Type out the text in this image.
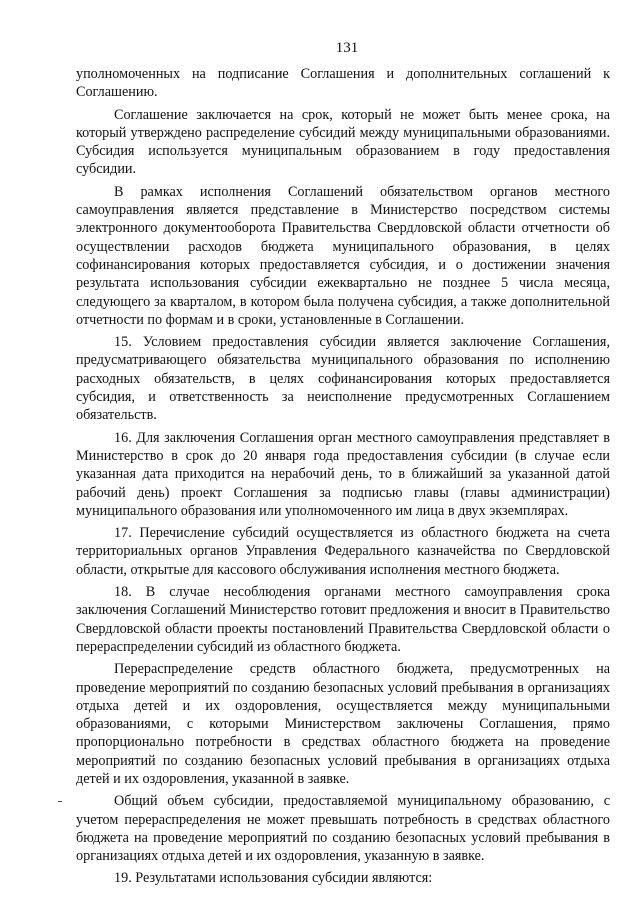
131

уполномоченных на подписание Соглашения и дополнительных соглашений к Соглашению.

Соглашение заключается на срок, который не может быть менее срока, на который утверждено распределение субсидий между муниципальными образованиями. Субсидия используется муниципальным образованием в году предоставления субсидии.

В рамках исполнения Соглашений обязательством органов местного самоуправления является представление в Министерство посредством системы электронного документооборота Правительства Свердловской области отчетности об осуществлении расходов бюджета муниципального образования, в целях софинансирования которых предоставляется субсидия, и о достижении значения результата использования субсидии ежеквартально не позднее 5 числа месяца, следующего за кварталом, в котором была получена субсидия, а также дополнительной отчетности по формам и в сроки, установленные в Соглашении.

15. Условием предоставления субсидии является заключение Соглашения, предусматривающего обязательства муниципального образования по исполнению расходных обязательств, в целях софинансирования которых предоставляется субсидия, и ответственность за неисполнение предусмотренных Соглашением обязательств.

16. Для заключения Соглашения орган местного самоуправления представляет в Министерство в срок до 20 января года предоставления субсидии (в случае если указанная дата приходится на нерабочий день, то в ближайший за указанной датой рабочий день) проект Соглашения за подписью главы (главы администрации) муниципального образования или уполномоченного им лица в двух экземплярах.

17. Перечисление субсидий осуществляется из областного бюджета на счета территориальных органов Управления Федерального казначейства по Свердловской области, открытые для кассового обслуживания исполнения местного бюджета.

18. В случае несоблюдения органами местного самоуправления срока заключения Соглашений Министерство готовит предложения и вносит в Правительство Свердловской области проекты постановлений Правительства Свердловской области о перераспределении субсидий из областного бюджета.

Перераспределение средств областного бюджета, предусмотренных на проведение мероприятий по созданию безопасных условий пребывания в организациях отдыха детей и их оздоровления, осуществляется между муниципальными образованиями, с которыми Министерством заключены Соглашения, прямо пропорционально потребности в средствах областного бюджета на проведение мероприятий по созданию безопасных условий пребывания в организациях отдыха детей и их оздоровления, указанной в заявке.

Общий объем субсидии, предоставляемой муниципальному образованию, с учетом перераспределения не может превышать потребность в средствах областного бюджета на проведение мероприятий по созданию безопасных условий пребывания в организациях отдыха детей и их оздоровления, указанную в заявке.

19. Результатами использования субсидии являются:
